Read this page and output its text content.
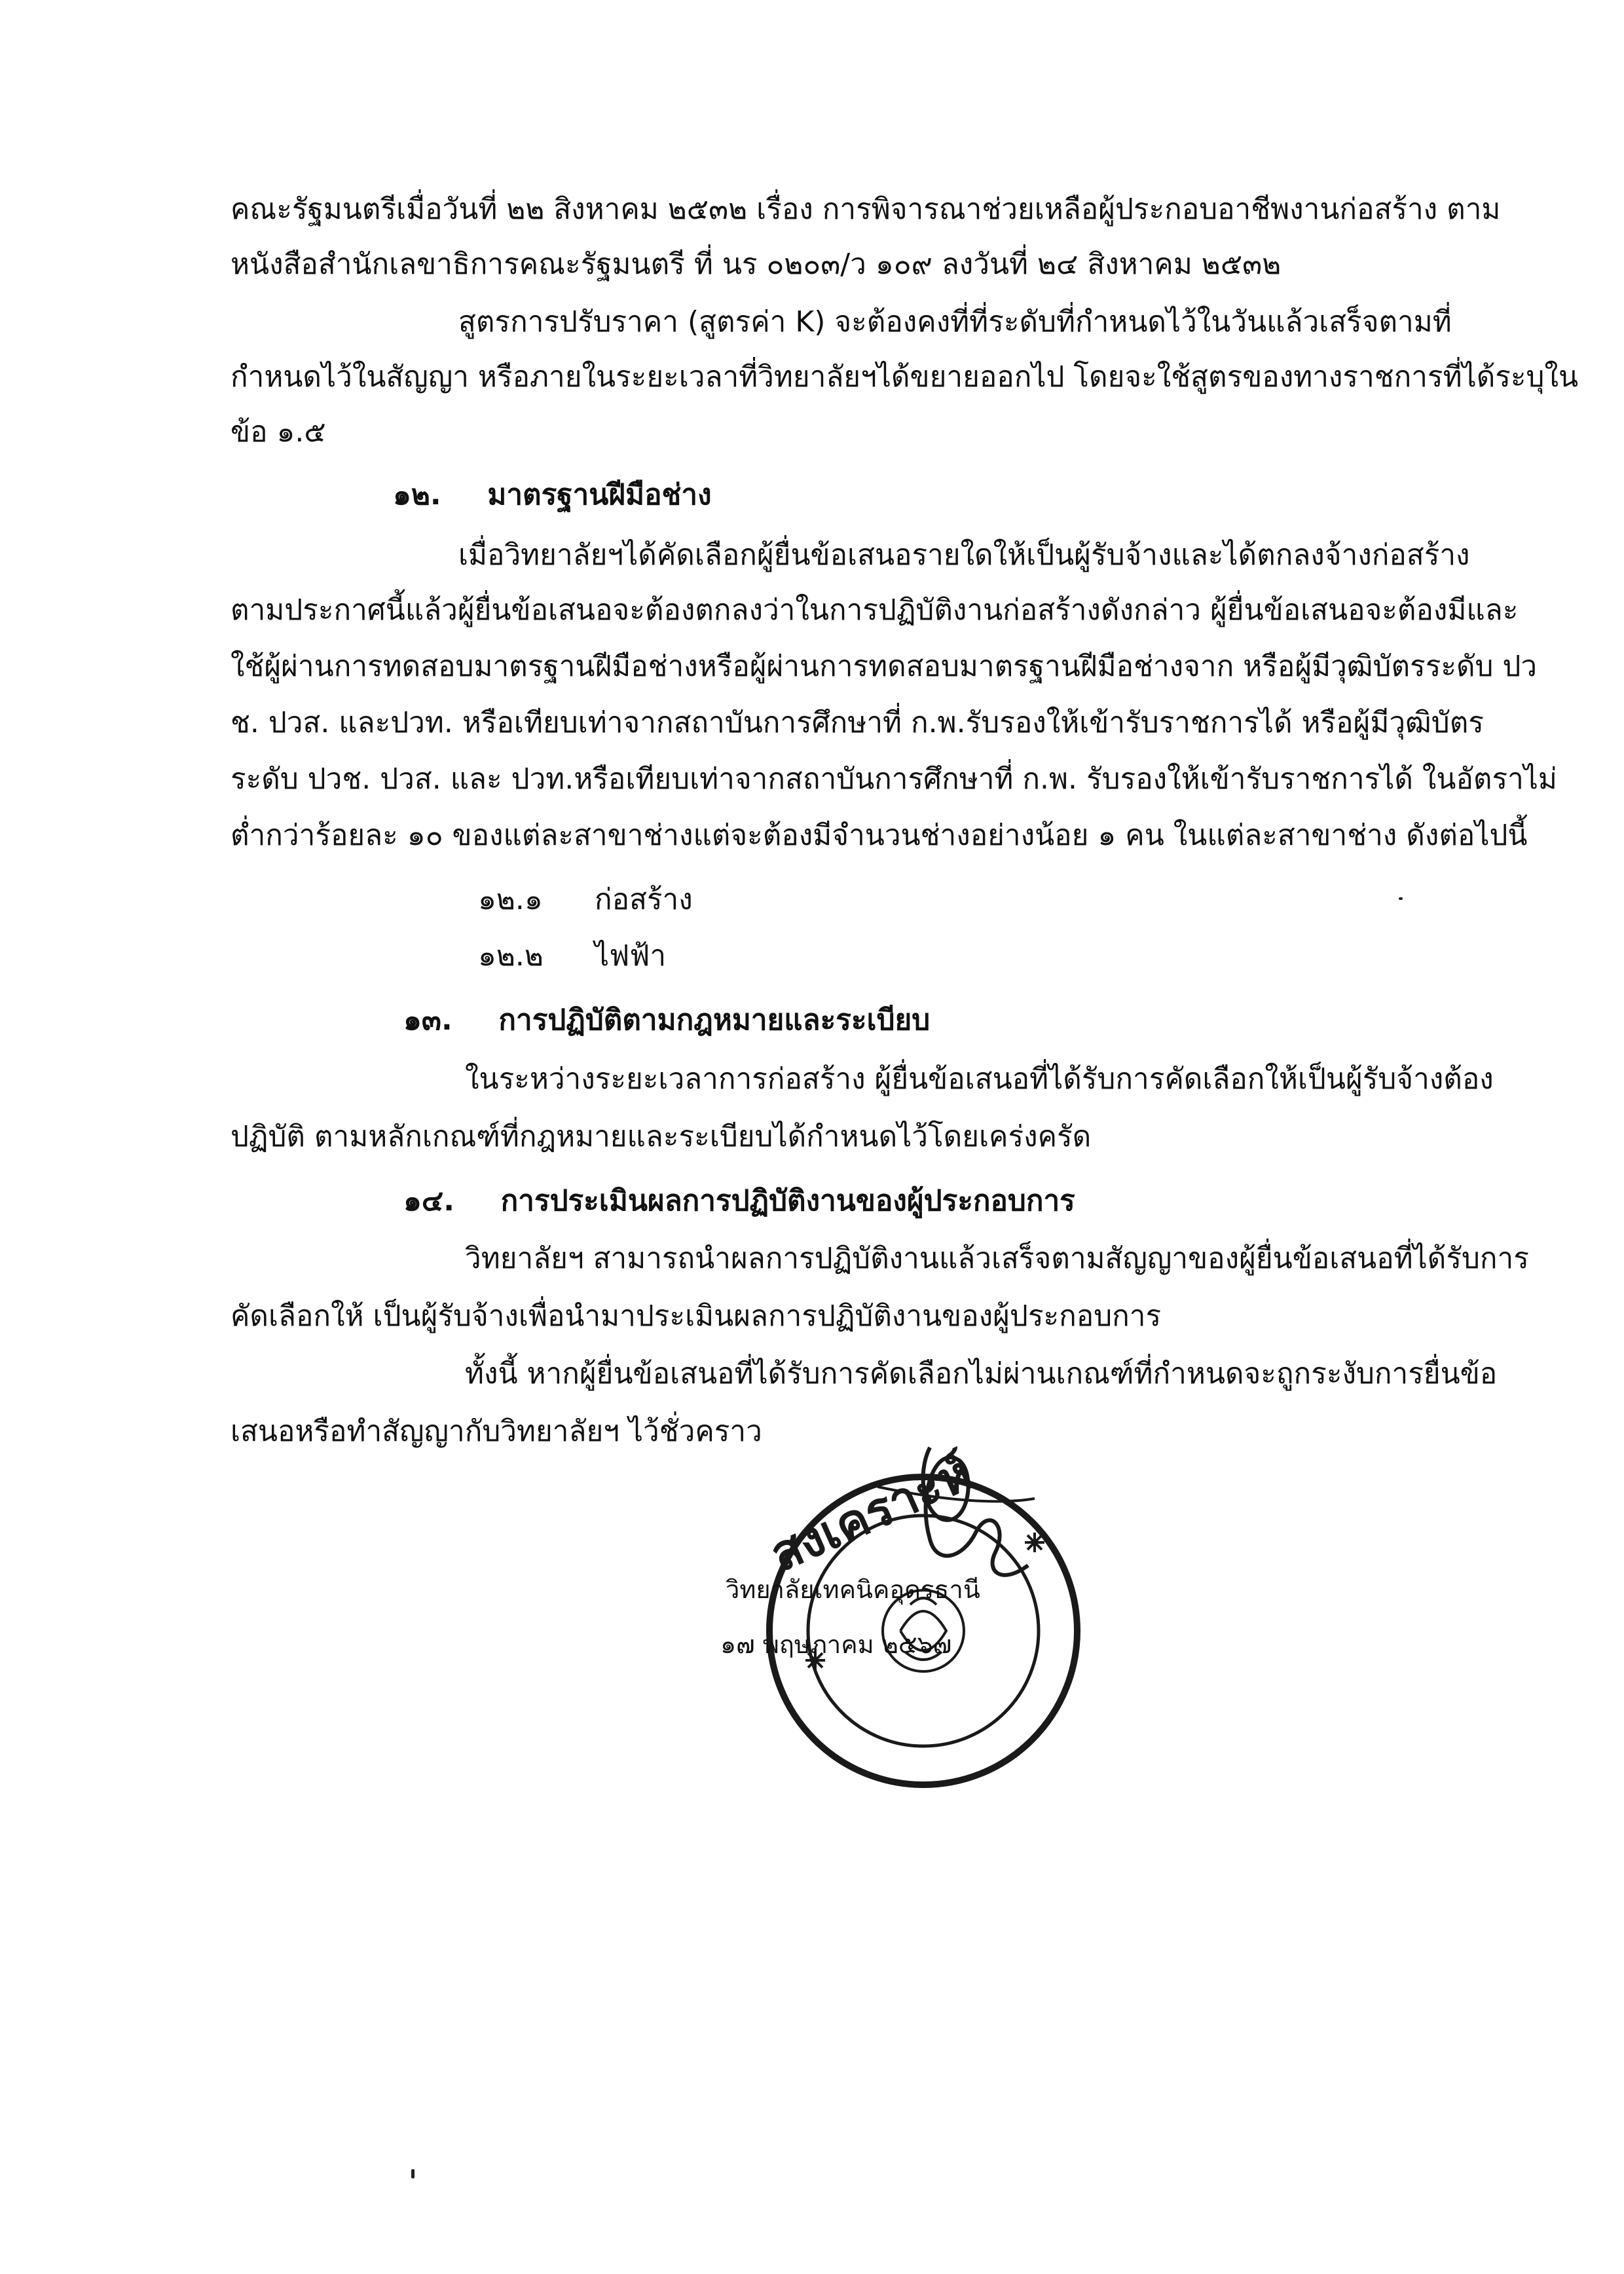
คณะรัฐมนตรีเมื่อวันที่ ๒๒ สิงหาคม ๒๕๓๒ เรื่อง การพิจารณาช่วยเหลือผู้ประกอบอาชีพงานก่อสร้าง ตาม
หนังสือสำนักเลขาธิการคณะรัฐมนตรี ที่ นร ๐๒๐๓/ว ๑๐๙ ลงวันที่ ๒๔ สิงหาคม ๒๕๓๒
สูตรการปรับราคา (สูตรค่า K) จะต้องคงที่ที่ระดับที่กำหนดไว้ในวันแล้วเสร็จตามที่
กำหนดไว้ในสัญญา หรือภายในระยะเวลาที่วิทยาลัยฯได้ขยายออกไป โดยจะใช้สูตรของทางราชการที่ได้ระบุใน
ข้อ ๑.๕
๑๒. มาตรฐานฝีมือช่าง
เมื่อวิทยาลัยฯได้คัดเลือกผู้ยื่นข้อเสนอรายใดให้เป็นผู้รับจ้างและได้ตกลงจ้างก่อสร้าง
ตามประกาศนี้แล้วผู้ยื่นข้อเสนอจะต้องตกลงว่าในการปฏิบัติงานก่อสร้างดังกล่าว ผู้ยื่นข้อเสนอจะต้องมีและ
ใช้ผู้ผ่านการทดสอบมาตรฐานฝีมือช่างหรือผู้ผ่านการทดสอบมาตรฐานฝีมือช่างจาก หรือผู้มีวุฒิบัตรระดับ ปว
ช. ปวส. และปวท. หรือเทียบเท่าจากสถาบันการศึกษาที่ ก.พ.รับรองให้เข้ารับราชการได้ หรือผู้มีวุฒิบัตร
ระดับ ปวช. ปวส. และ ปวท.หรือเทียบเท่าจากสถาบันการศึกษาที่ ก.พ. รับรองให้เข้ารับราชการได้ ในอัตราไม่
ต่ำกว่าร้อยละ ๑๐ ของแต่ละสาขาช่างแต่จะต้องมีจำนวนช่างอย่างน้อย ๑ คน ในแต่ละสาขาช่าง ดังต่อไปนี้
๑๒.๑ ก่อสร้าง
๑๒.๒ ไฟฟ้า
๑๓. การปฏิบัติตามกฎหมายและระเบียบ
ในระหว่างระยะเวลาการก่อสร้าง ผู้ยื่นข้อเสนอที่ได้รับการคัดเลือกให้เป็นผู้รับจ้างต้อง
ปฏิบัติ ตามหลักเกณฑ์ที่กฎหมายและระเบียบได้กำหนดไว้โดยเคร่งครัด
๑๔. การประเมินผลการปฏิบัติงานของผู้ประกอบการ
วิทยาลัยฯ สามารถนำผลการปฏิบัติงานแล้วเสร็จตามสัญญาของผู้ยื่นข้อเสนอที่ได้รับการ
คัดเลือกให้ เป็นผู้รับจ้างเพื่อนำมาประเมินผลการปฏิบัติงานของผู้ประกอบการ
ทั้งนี้ หากผู้ยื่นข้อเสนอที่ได้รับการคัดเลือกไม่ผ่านเกณฑ์ที่กำหนดจะถูกระงับการยื่นข้อ
เสนอหรือทำสัญญากับวิทยาลัยฯ ไว้ชั่วคราว
สงเคราะห์
วิทยาลัยเทคนิคอุดรธานี
๑๗ พฤษภาคม ๒๕๖๗
